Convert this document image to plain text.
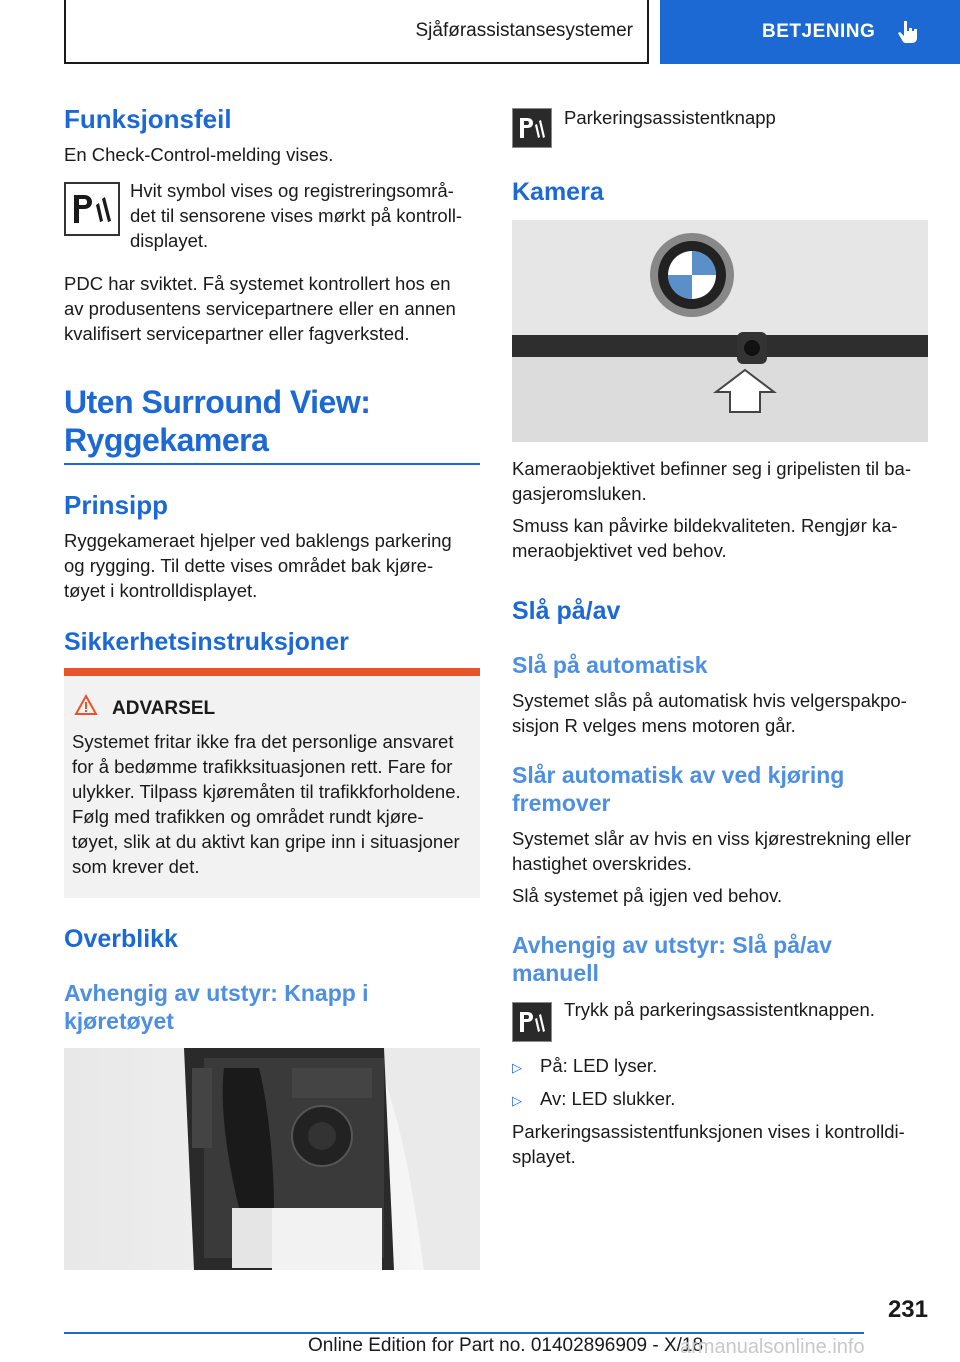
Sjåførassistansesystemer	BETJENING
Funksjonsfeil
En Check-Control-melding vises.
Hvit symbol vises og registreringsområ-
det til sensorene vises mørkt på kontroll-
displayet.
PDC har sviktet. Få systemet kontrollert hos en
av produsentens servicepartnere eller en annen
kvalifisert servicepartner eller fagverksted.
Uten Surround View:
Ryggekamera
Prinsipp
Ryggekameraet hjelper ved baklengs parkering
og rygging. Til dette vises området bak kjøre-
tøyet i kontrolldisplayet.
Sikkerhetsinstruksjoner
ADVARSEL
Systemet fritar ikke fra det personlige ansvaret
for å bedømme trafikksituasjonen rett. Fare for
ulykker. Tilpass kjøremåten til trafikkforholdene.
Følg med trafikken og området rundt kjøre-
tøyet, slik at du aktivt kan gripe inn i situasjoner
som krever det.
Overblikk
Avhengig av utstyr: Knapp i
kjøretøyet
Parkeringsassistentknapp
Kamera
Kameraobjektivet befinner seg i gripelisten til ba-
gasjeromsluken.
Smuss kan påvirke bildekvaliteten. Rengjør ka-
meraobjektivet ved behov.
Slå på/av
Slå på automatisk
Systemet slås på automatisk hvis velgerspakpo-
sisjon R velges mens motoren går.
Slår automatisk av ved kjøring
fremover
Systemet slår av hvis en viss kjørestrekning eller
hastighet overskrides.
Slå systemet på igjen ved behov.
Avhengig av utstyr: Slå på/av
manuell
Trykk på parkeringsassistentknappen.
▷ På: LED lyser.
▷ Av: LED slukker.
Parkeringsassistentfunksjonen vises i kontrolldi-
splayet.
231
Online Edition for Part no. 01402896909 - X/18
armanualsonline.info
